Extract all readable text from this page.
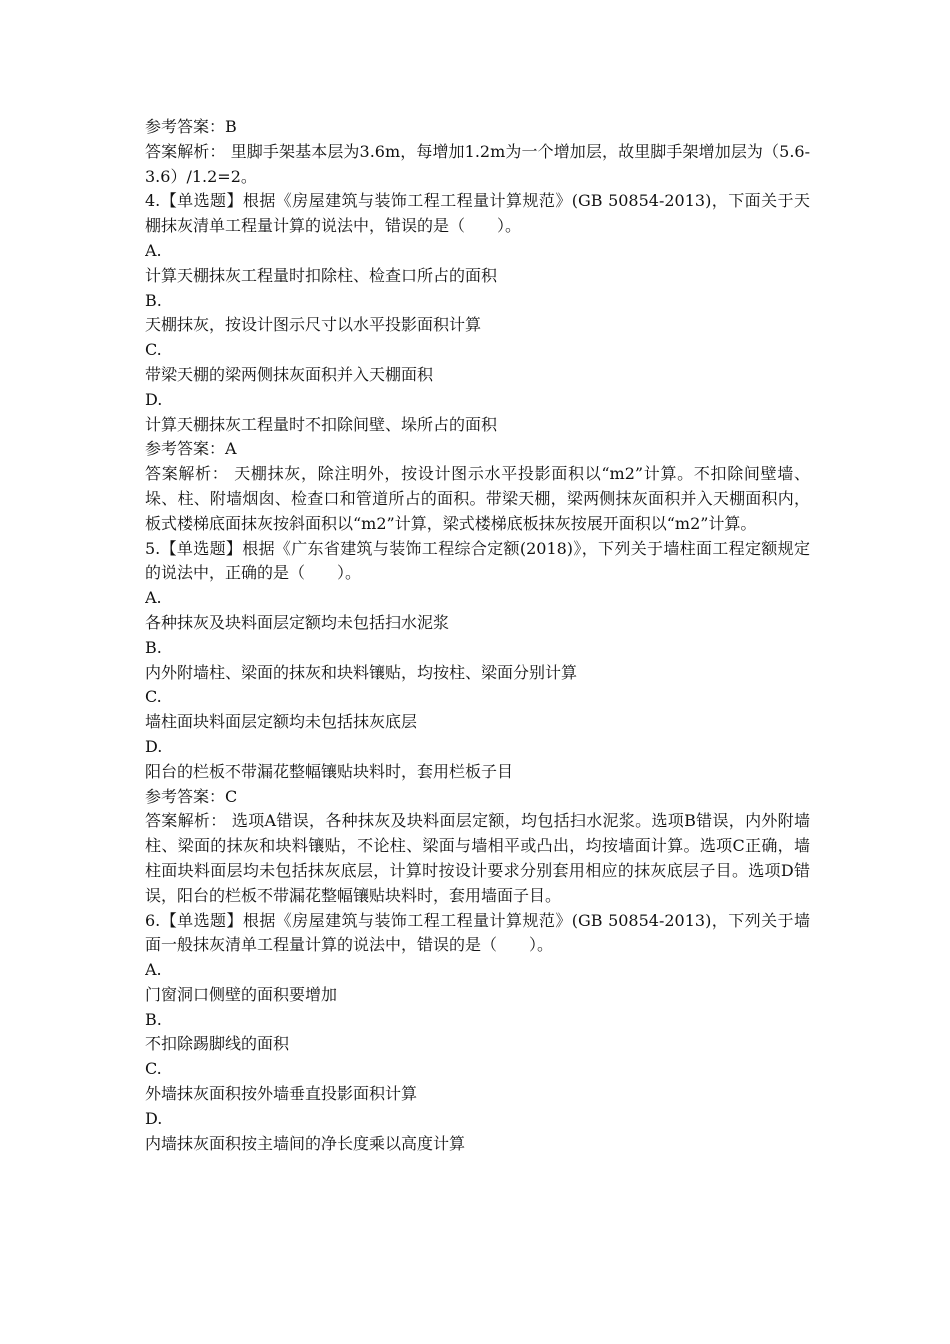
参考答案：B
答案解析： 里脚手架基本层为3.6m，每增加1.2m为一个增加层，故里脚手架增加层为（5.6-3.6）/1.2=2。
4.【单选题】根据《房屋建筑与装饰工程工程量计算规范》(GB 50854-2013)，下面关于天棚抹灰清单工程量计算的说法中，错误的是（　　）。
A.
计算天棚抹灰工程量时扣除柱、检查口所占的面积
B.
天棚抹灰，按设计图示尺寸以水平投影面积计算
C.
带梁天棚的梁两侧抹灰面积并入天棚面积
D.
计算天棚抹灰工程量时不扣除间壁、垛所占的面积
参考答案：A
答案解析： 天棚抹灰，除注明外，按设计图示水平投影面积以“m2”计算。不扣除间壁墙、垛、柱、附墙烟囱、检查口和管道所占的面积。带梁天棚，梁两侧抹灰面积并入天棚面积内，板式楼梯底面抹灰按斜面积以“m2”计算，梁式楼梯底板抹灰按展开面积以“m2”计算。
5.【单选题】根据《广东省建筑与装饰工程综合定额(2018)》，下列关于墙柱面工程定额规定的说法中，正确的是（　　）。
A.
各种抹灰及块料面层定额均未包括扫水泥浆
B.
内外附墙柱、梁面的抹灰和块料镶贴，均按柱、梁面分别计算
C.
墙柱面块料面层定额均未包括抹灰底层
D.
阳台的栏板不带漏花整幅镶贴块料时，套用栏板子目
参考答案：C
答案解析： 选项A错误，各种抹灰及块料面层定额，均包括扫水泥浆。选项B错误，内外附墙柱、梁面的抹灰和块料镶贴，不论柱、梁面与墙相平或凸出，均按墙面计算。选项C正确，墙柱面块料面层均未包括抹灰底层，计算时按设计要求分别套用相应的抹灰底层子目。选项D错误，阳台的栏板不带漏花整幅镶贴块料时，套用墙面子目。
6.【单选题】根据《房屋建筑与装饰工程工程量计算规范》(GB 50854-2013)，下列关于墙面一般抹灰清单工程量计算的说法中，错误的是（　　）。
A.
门窗洞口侧壁的面积要增加
B.
不扣除踢脚线的面积
C.
外墙抹灰面积按外墙垂直投影面积计算
D.
内墙抹灰面积按主墙间的净长度乘以高度计算
